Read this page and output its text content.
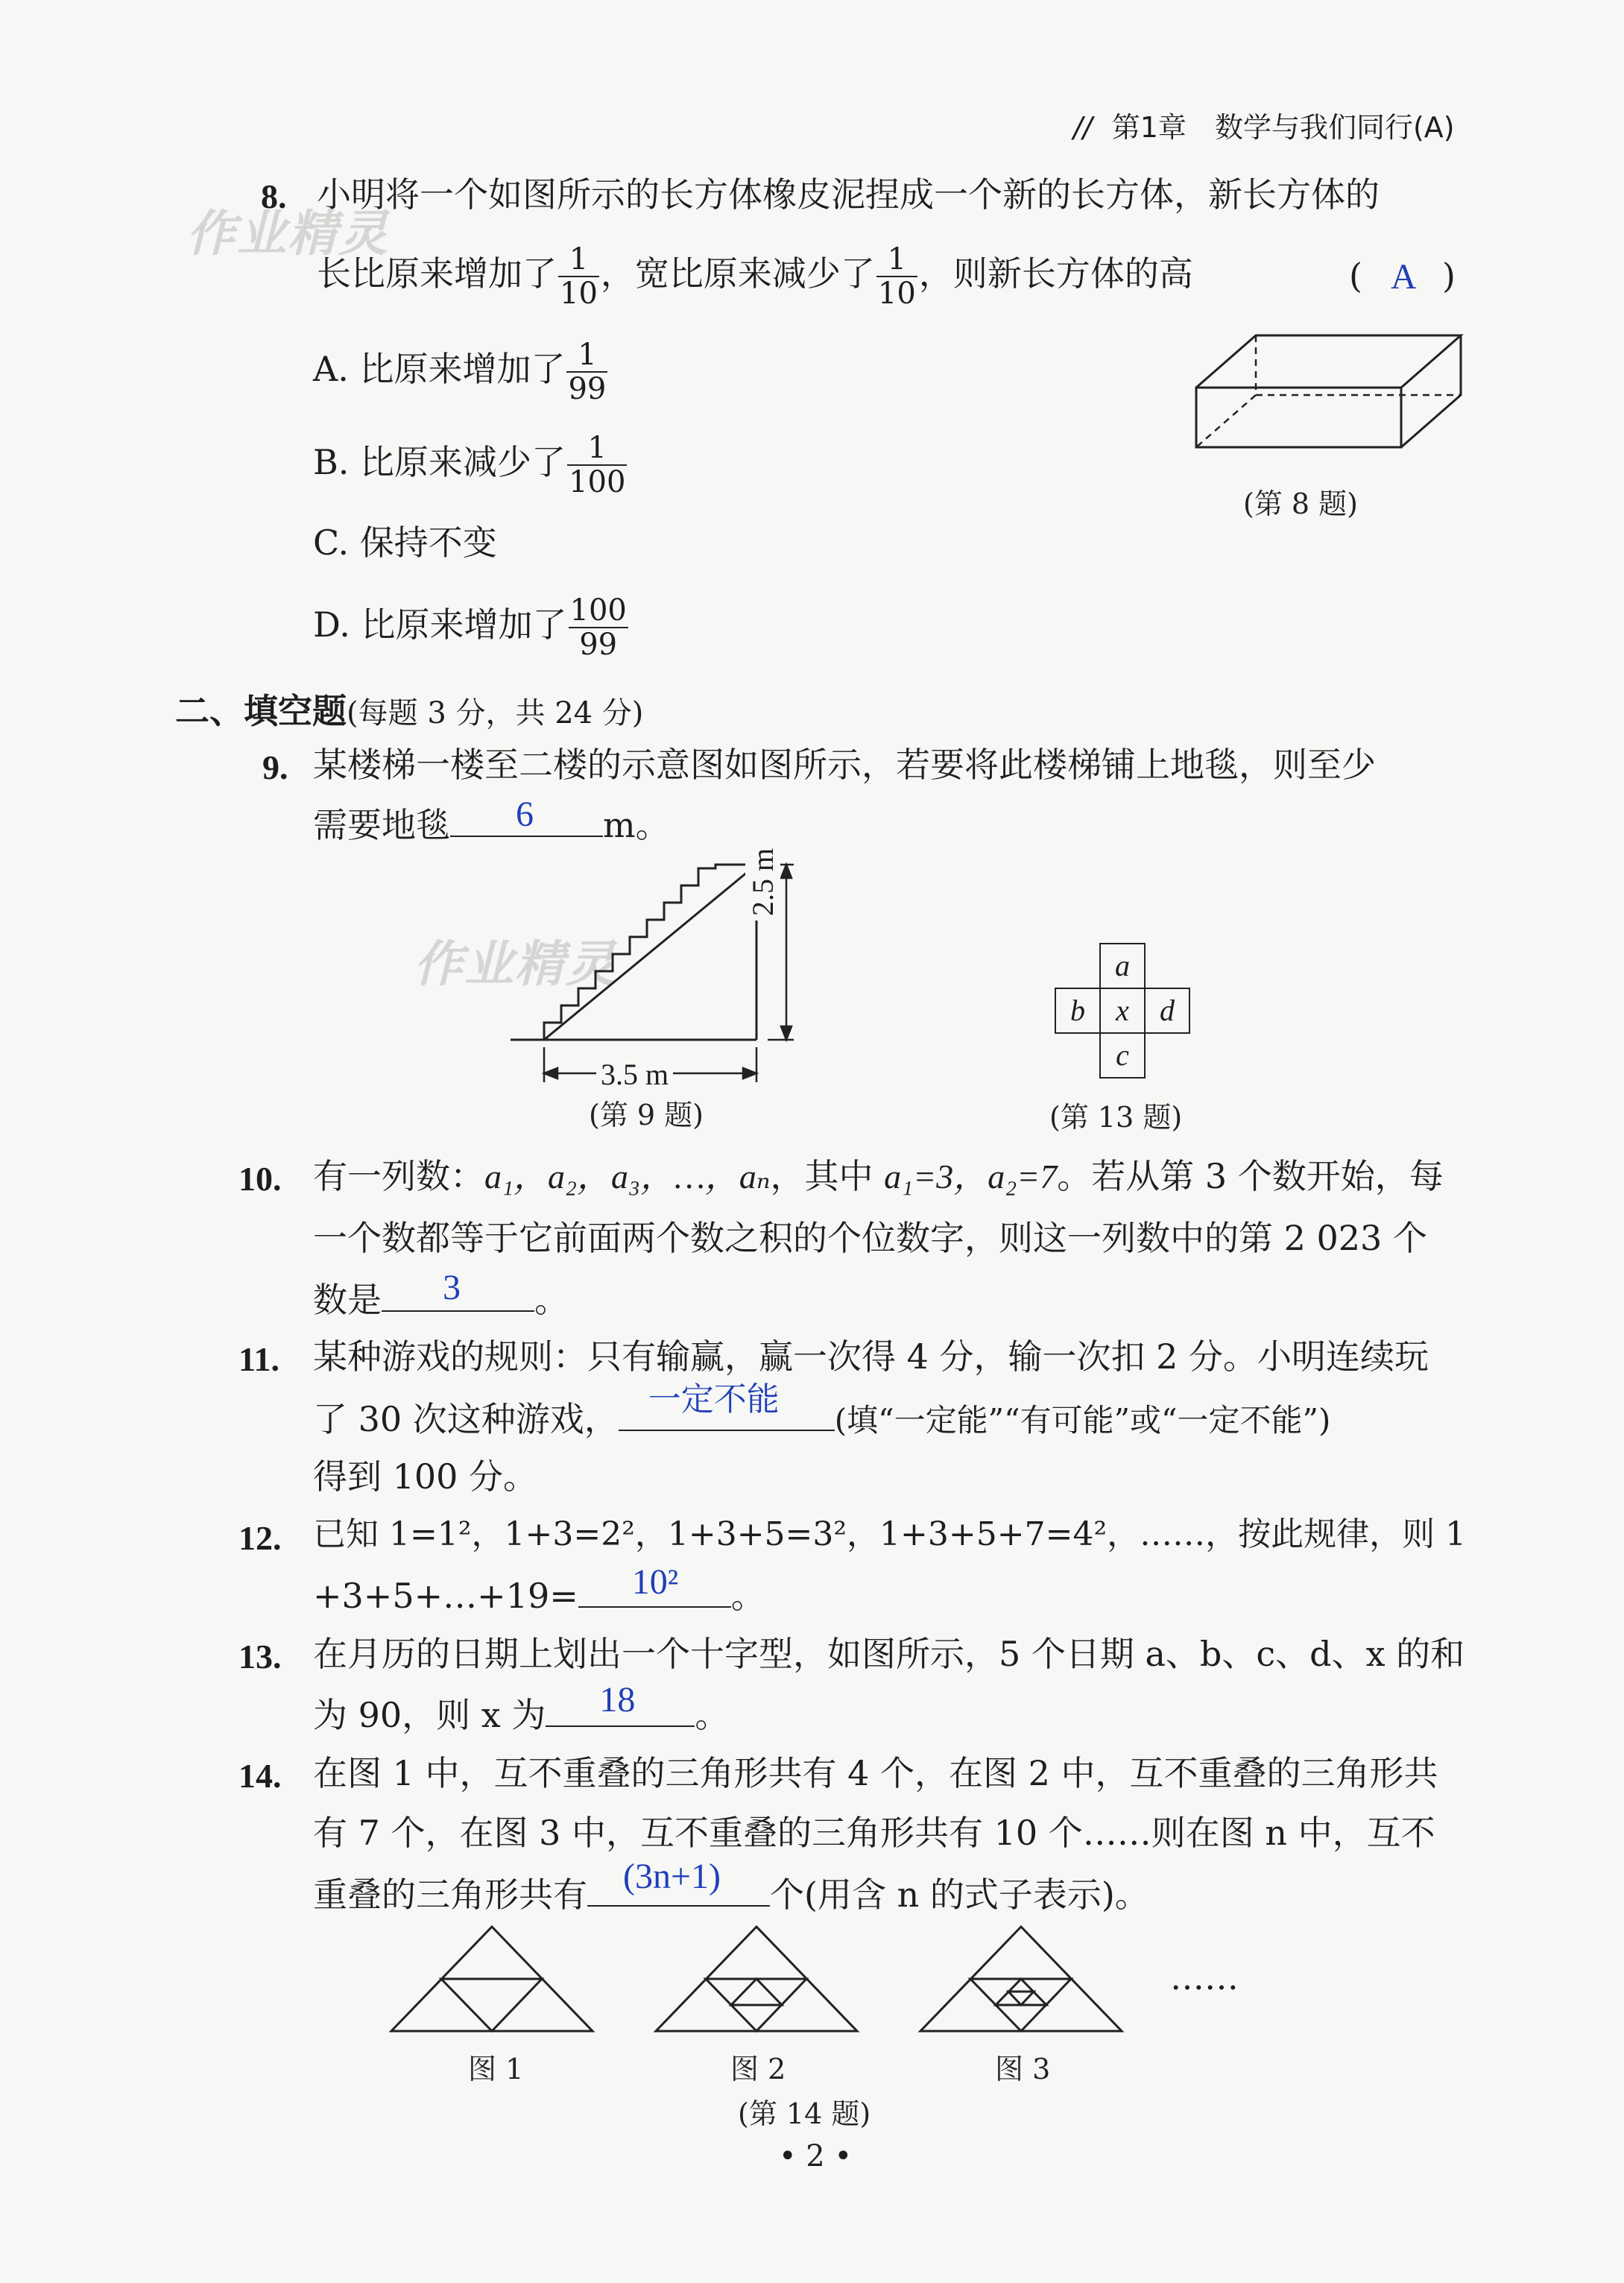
// 第1章 数学与我们同行(A)
作业精灵
作业精灵
8. 小明将一个如图所示的长方体橡皮泥捏成一个新的长方体，新长方体的
长比原来增加了 $\frac{1}{10}$ ，宽比原来减少了 $\frac{1}{10}$ ，则新长方体的高	( A )
A. 比原来增加了 $\frac{1}{99}$
B. 比原来减少了 $\frac{1}{100}$
C. 保持不变
D. 比原来增加了 $\frac{100}{99}$
(第 8 题)
二、填空题(每题 3 分，共 24 分)
9. 某楼梯一楼至二楼的示意图如图所示，若要将此楼梯铺上地毯，则至少
需要地毯 6 m。
2.5 m
3.5 m
(第 9 题)
a
b	x	d
c
(第 13 题)
10. 有一列数：a₁，a₂，a₃，…，aₙ，其中 a₁=3，a₂=7。若从第 3 个数开始，每
一个数都等于它前面两个数之积的个位数字，则这一列数中的第 2 023 个
数是 3 。
11. 某种游戏的规则：只有输赢，赢一次得 4 分，输一次扣 2 分。小明连续玩
了 30 次这种游戏， 一定不能
(填“一定能”“有可能”或“一定不能”)
得到 100 分。
12. 已知 1=1²，1+3=2²，1+3+5=3²，1+3+5+7=4²，……，按此规律，则 1
+3+5+…+19= 10² 。
13. 在月历的日期上划出一个十字型，如图所示，5 个日期 a、b、c、d、x 的和
为 90，则 x 为 18 。
14. 在图 1 中，互不重叠的三角形共有 4 个，在图 2 中，互不重叠的三角形共
有 7 个，在图 3 中，互不重叠的三角形共有 10 个……则在图 n 中，互不
重叠的三角形共有 (3n+1) 个(用含 n 的式子表示)。
……
图 1	图 2	图 3
(第 14 题)
• 2 •
